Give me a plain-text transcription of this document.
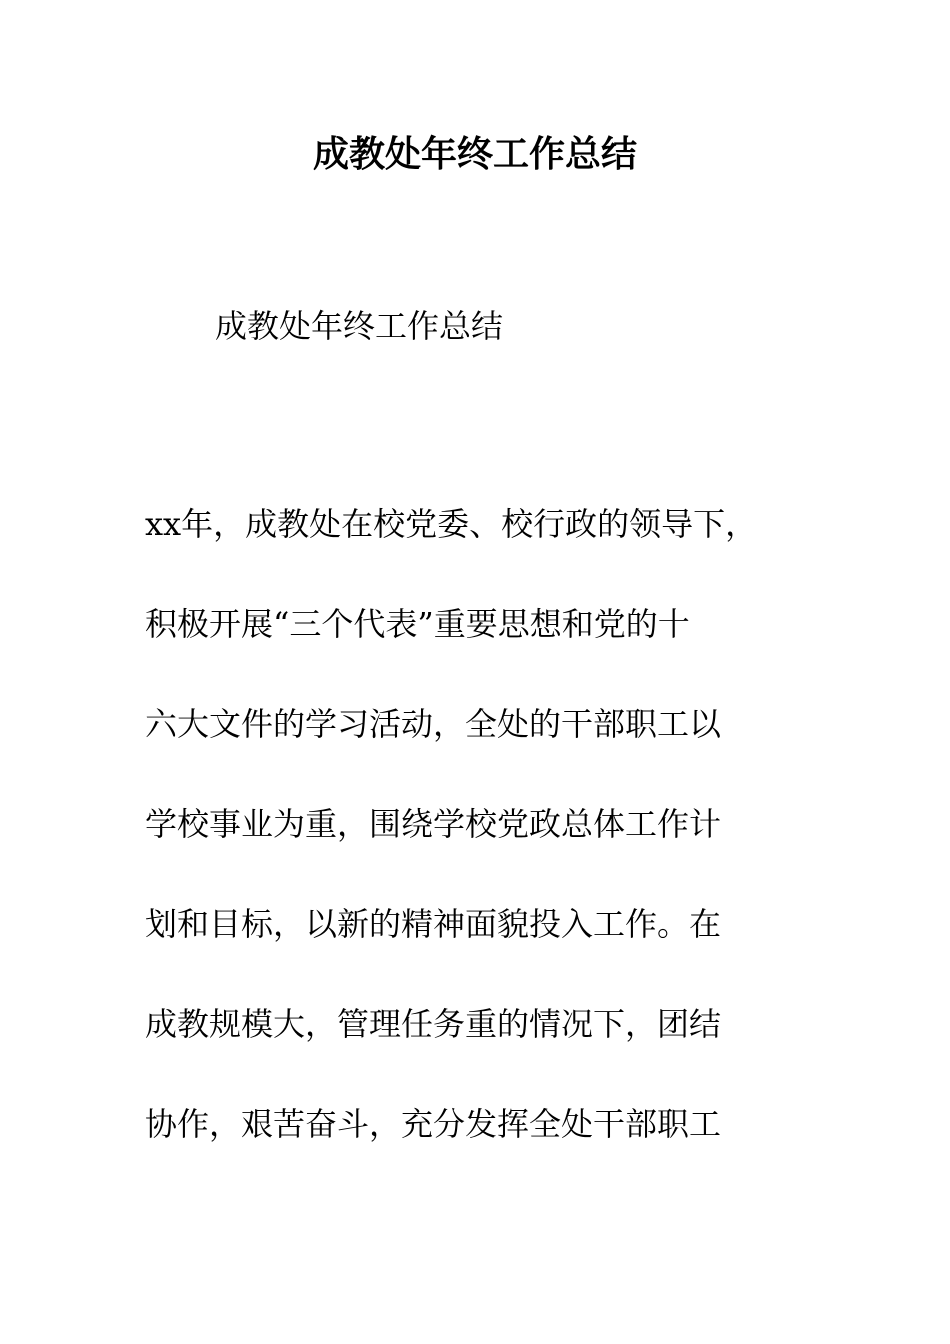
成教处年终工作总结

成教处年终工作总结

xx年，成教处在校党委、校行政的领导下，
积极开展“三个代表”重要思想和党的十
六大文件的学习活动，全处的干部职工以
学校事业为重，围绕学校党政总体工作计
划和目标，以新的精神面貌投入工作。在
成教规模大，管理任务重的情况下，团结
协作，艰苦奋斗，充分发挥全处干部职工
